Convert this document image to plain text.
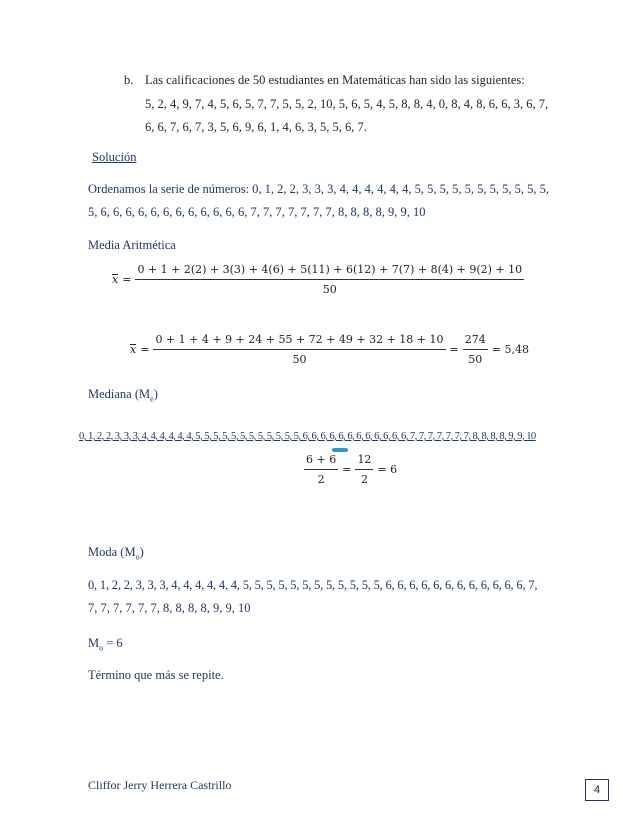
b. Las calificaciones de 50 estudiantes en Matemáticas han sido las siguientes:
5, 2, 4, 9, 7, 4, 5, 6, 5, 7, 7, 5, 5, 2, 10, 5, 6, 5, 4, 5, 8, 8, 4, 0, 8, 4, 8, 6, 6, 3, 6, 7,
6, 6, 7, 6, 7, 3, 5, 6, 9, 6, 1, 4, 6, 3, 5, 5, 6, 7.
Solución
Ordenamos la serie de números: 0, 1, 2, 2, 3, 3, 3, 4, 4, 4, 4, 4, 4, 5, 5, 5, 5, 5, 5, 5, 5, 5, 5, 5,
5, 6, 6, 6, 6, 6, 6, 6, 6, 6, 6, 6, 6, 7, 7, 7, 7, 7, 7, 7, 8, 8, 8, 8, 9, 9, 10
Media Aritmética
x =
0 + 1 + 2(2) + 3(3) + 4(6) + 5(11) + 6(12) + 7(7) + 8(4) + 9(2) + 10
50
$x = \frac{0 + 1 + 4 + 9 + 24 + 55 + 72 + 49 + 32 + 18 + 10}{50} = \frac{274}{50} = 5,48$
Mediana $(M_e)$
0, 1, 2, 2, 3, 3, 3, 4, 4, 4, 4, 4, 4, 5, 5, 5, 5, 5, 5, 5, 5, 5, 5, 5, 5, 6, 6, 6, 6, 6, 6, 6, 6, 6, 6, 6, 6, 7, 7, 7, 7, 7, 7, 7, 8, 8, 8, 8, 9, 9, 10
$\frac{6 + 6}{2} = \frac{12}{2} = 6$
Moda $(M_o)$
0, 1, 2, 2, 3, 3, 3, 4, 4, 4, 4, 4, 4, 5, 5, 5, 5, 5, 5, 5, 5, 5, 5, 5, 5, 6, 6, 6, 6, 6, 6, 6, 6, 6, 6, 6, 6, 7,
7, 7, 7, 7, 7, 7, 8, 8, 8, 8, 9, 9, 10
$M_o = 6$
Término que más se repite.
Cliffor Jerry Herrera Castrillo	4
